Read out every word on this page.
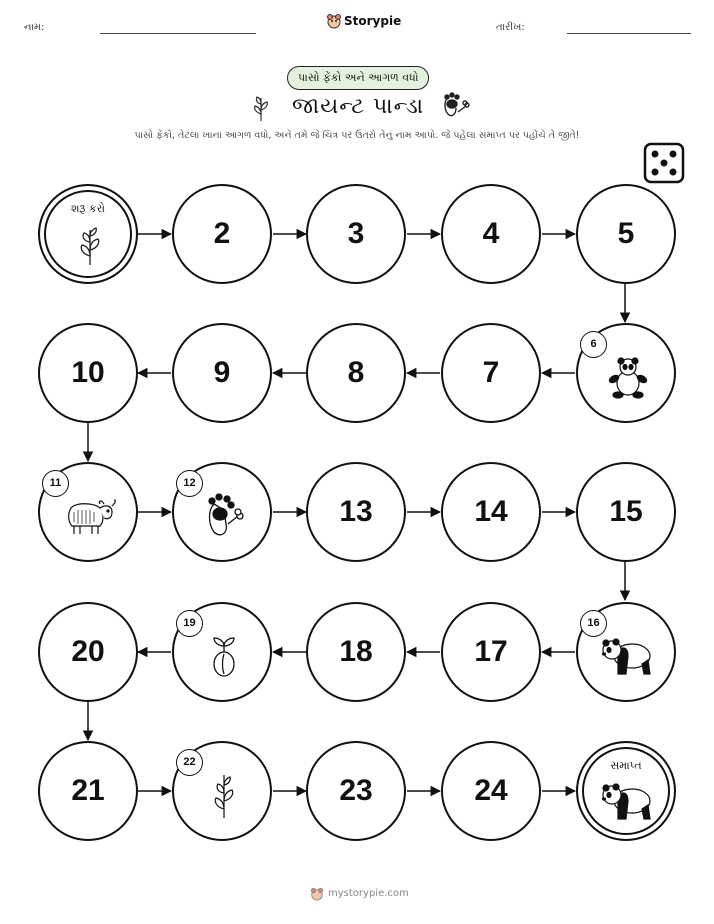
નામ:	Storypie	તારીખ:
પાસો ફેંકો અને આગળ વધો
જાયન્ટ પાન્ડા
પાસો ફેંકો, તેટલા ખાના આગળ વધો, અને તમે જે ચિત્ર પર ઉતરો તેનું નામ આપો. જે પહેલા સમાપ્ત પર પહોંચે તે જીતે!
શરૂ કરો
2	3	4	5
6
7
8
9
10
11	12
13	14	15
16
17
18
19
20
21
22
23	24
સમાપ્ત
mystorypie.com
